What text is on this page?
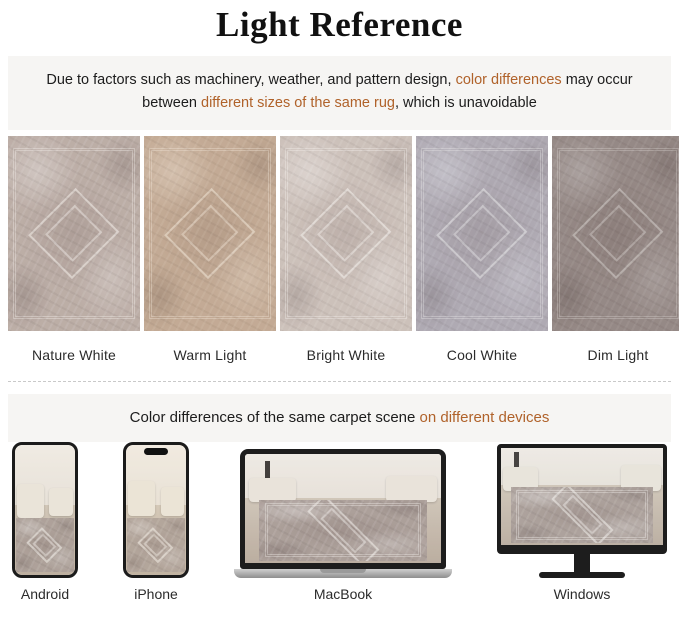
Light Reference
Due to factors such as machinery, weather, and pattern design, color differences may occur between different sizes of the same rug, which is unavoidable
Nature White	Warm Light	Bright White	Cool White	Dim Light
Color differences of the same carpet scene on different devices
Android	iPhone	MacBook	Windows
